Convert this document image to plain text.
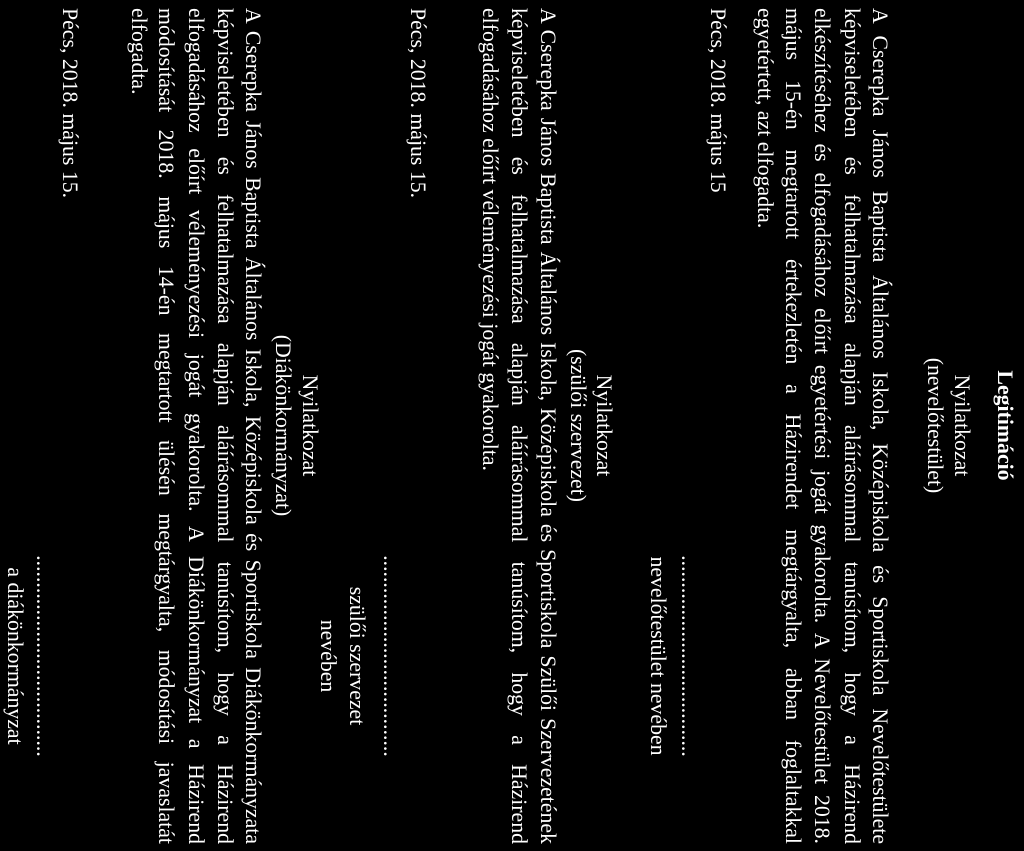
Legitimáció
Nyilatkozat
(nevelőtestület)
A Cserepka János Baptista Általános Iskola, Középiskola és Sportiskola Nevelőtestülete
képviseletében és felhatalmazása alapján aláírásommal tanúsítom, hogy a Házirend
elkészítéséhez és elfogadásához előírt egyetértési jogát gyakorolta. A Nevelőtestület 2018.
május 15-én megtartott értekezletén a Házirendet megtárgyalta, abban foglaltakkal
egyetértett, azt elfogadta.
Pécs, 2018. május 15
.....................................
nevelőtestület nevében
Nyilatkozat
(szülői szervezet)
A Cserepka János Baptista Általános Iskola, Középiskola és Sportiskola Szülői Szervezetének
képviseletében és felhatalmazása alapján aláírásommal tanúsítom, hogy a Házirend
elfogadásához előírt véleményezési jogát gyakorolta.
Pécs, 2018. május 15.
.....................................
szülői szervezet nevében
Nyilatkozat
(Diákönkormányzat)
A Cserepka János Baptista Általános Iskola, Középiskola és Sportiskola Diákönkormányzata
képviseletében és felhatalmazása alapján aláírásommal tanúsítom, hogy a Házirend
elfogadásához előírt véleményezési jogát gyakorolta. A Diákönkormányzat a Házirend
módosítását 2018. május 14-én megtartott ülésén megtárgyalta, módosítási javaslatát
elfogadta.
Pécs, 2018. május 15.
.....................................
a diákönkormányzat
